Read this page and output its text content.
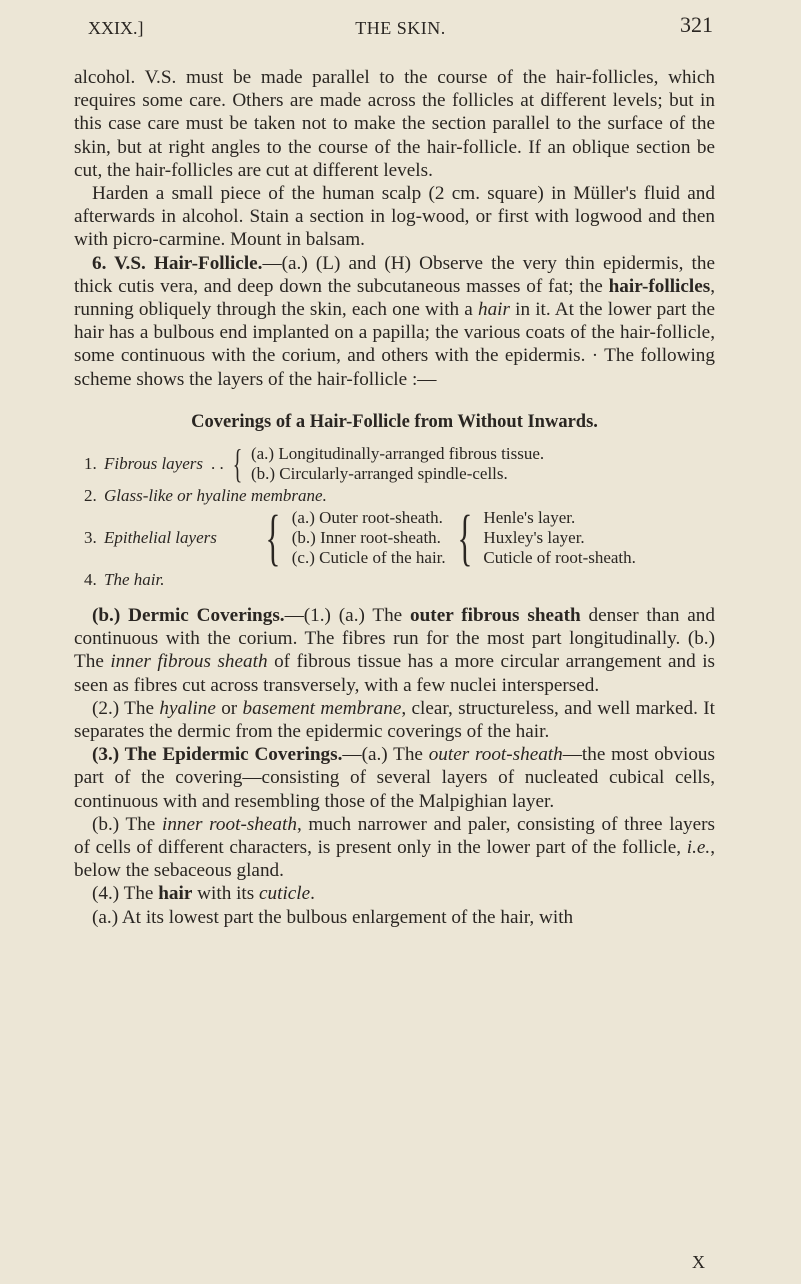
XXIX.]	THE SKIN.	321

alcohol. V.S. must be made parallel to the course of the hair-follicles, which requires some care. Others are made across the follicles at different levels; but in this case care must be taken not to make the section parallel to the surface of the skin, but at right angles to the course of the hair-follicle. If an oblique section be cut, the hair-follicles are cut at different levels.

Harden a small piece of the human scalp (2 cm. square) in Müller's fluid and afterwards in alcohol. Stain a section in log-wood, or first with logwood and then with picro-carmine. Mount in balsam.

6. V.S. Hair-Follicle.—(a.) (L) and (H) Observe the very thin epidermis, the thick cutis vera, and deep down the subcutaneous masses of fat; the hair-follicles, running obliquely through the skin, each one with a hair in it. At the lower part the hair has a bulbous end implanted on a papilla; the various coats of the hair-follicle, some continuous with the corium, and others with the epidermis. · The following scheme shows the layers of the hair-follicle :—

Coverings of a Hair-Follicle from Without Inwards.

1. Fibrous layers . . { (a.) Longitudinally-arranged fibrous tissue.
(b.) Circularly-arranged spindle-cells.
2. Glass-like or hyaline membrane.
3. Epithelial layers { (a.) Outer root-sheath.
(b.) Inner root-sheath.
(c.) Cuticle of the hair. { Henle's layer.
Huxley's layer.
Cuticle of root-sheath.
4. The hair.

(b.) Dermic Coverings.—(1.) (a.) The outer fibrous sheath denser than and continuous with the corium. The fibres run for the most part longitudinally. (b.) The inner fibrous sheath of fibrous tissue has a more circular arrangement and is seen as fibres cut across transversely, with a few nuclei interspersed.

(2.) The hyaline or basement membrane, clear, structureless, and well marked. It separates the dermic from the epidermic coverings of the hair.

(3.) The Epidermic Coverings.—(a.) The outer root-sheath—the most obvious part of the covering—consisting of several layers of nucleated cubical cells, continuous with and resembling those of the Malpighian layer.

(b.) The inner root-sheath, much narrower and paler, consisting of three layers of cells of different characters, is present only in the lower part of the follicle, i.e., below the sebaceous gland.

(4.) The hair with its cuticle.

(a.) At its lowest part the bulbous enlargement of the hair, with

X
